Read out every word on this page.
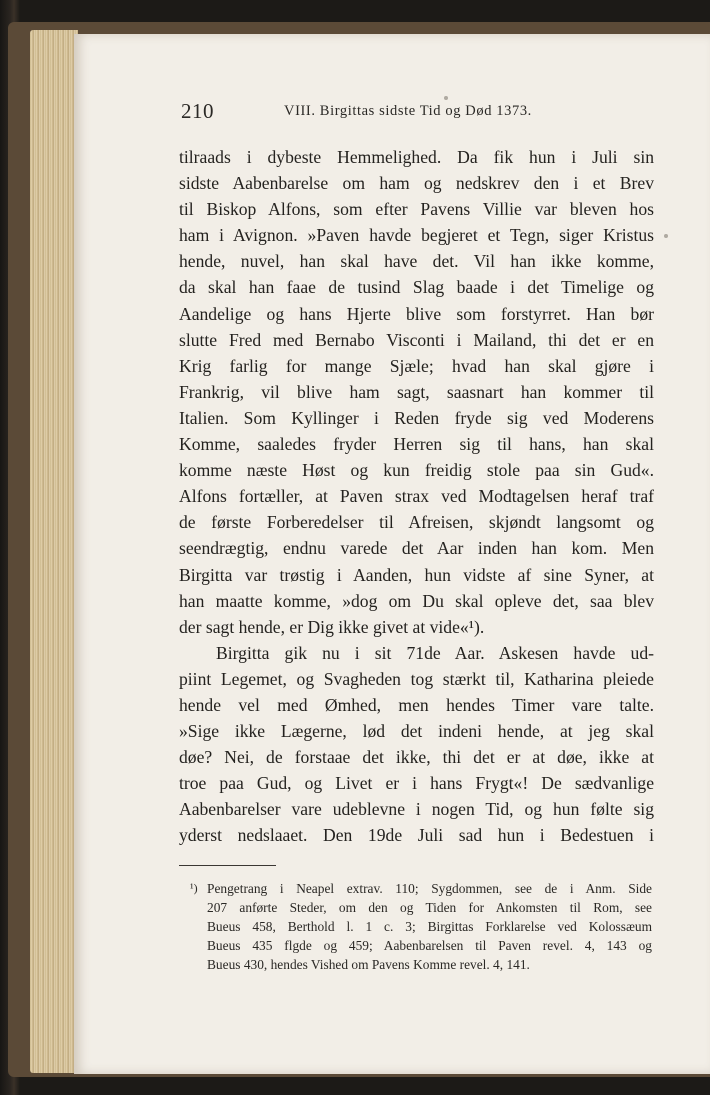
210	VIII. Birgittas sidste Tid og Død 1373.
tilraads i dybeste Hemmelighed. Da fik hun i Juli sin
sidste Aabenbarelse om ham og nedskrev den i et Brev
til Biskop Alfons, som efter Pavens Villie var bleven hos
ham i Avignon. »Paven havde begjeret et Tegn, siger Kristus
hende, nuvel, han skal have det. Vil han ikke komme,
da skal han faae de tusind Slag baade i det Timelige og
Aandelige og hans Hjerte blive som forstyrret. Han bør
slutte Fred med Bernabo Visconti i Mailand, thi det er en
Krig farlig for mange Sjæle; hvad han skal gjøre i
Frankrig, vil blive ham sagt, saasnart han kommer til
Italien. Som Kyllinger i Reden fryde sig ved Moderens
Komme, saaledes fryder Herren sig til hans, han skal
komme næste Høst og kun freidig stole paa sin Gud«.
Alfons fortæller, at Paven strax ved Modtagelsen heraf traf
de første Forberedelser til Afreisen, skjøndt langsomt og
seendrægtig, endnu varede det Aar inden han kom. Men
Birgitta var trøstig i Aanden, hun vidste af sine Syner, at
han maatte komme, »dog om Du skal opleve det, saa blev
der sagt hende, er Dig ikke givet at vide«¹).
Birgitta gik nu i sit 71de Aar. Askesen havde ud-
piint Legemet, og Svagheden tog stærkt til, Katharina pleiede
hende vel med Ømhed, men hendes Timer vare talte.
»Sige ikke Lægerne, lød det indeni hende, at jeg skal
døe? Nei, de forstaae det ikke, thi det er at døe, ikke at
troe paa Gud, og Livet er i hans Frygt«! De sædvanlige
Aabenbarelser vare udeblevne i nogen Tid, og hun følte sig
yderst nedslaaet. Den 19de Juli sad hun i Bedestuen i
¹) Pengetrang i Neapel extrav. 110; Sygdommen, see de i Anm. Side
207 anførte Steder, om den og Tiden for Ankomsten til Rom, see
Bueus 458, Berthold l. 1 c. 3; Birgittas Forklarelse ved Kolossæum
Bueus 435 flgde og 459; Aabenbarelsen til Paven revel. 4, 143 og
Bueus 430, hendes Vished om Pavens Komme revel. 4, 141.
